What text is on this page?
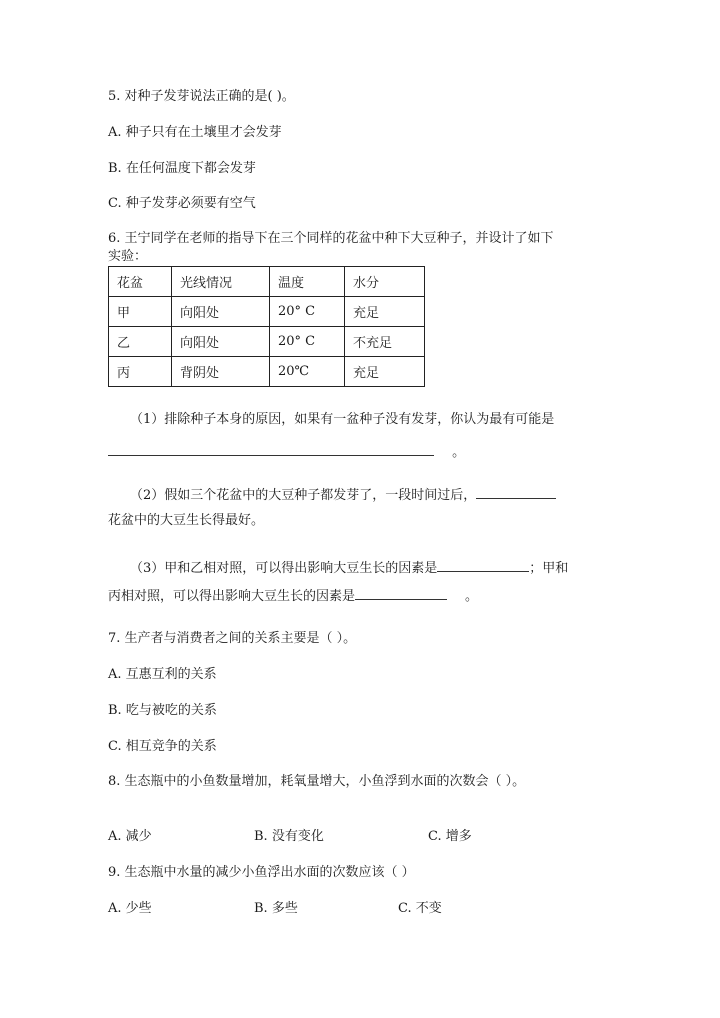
5. 对种子发芽说法正确的是( )。
A. 种子只有在土壤里才会发芽
B. 在任何温度下都会发芽
C. 种子发芽必须要有空气
6. 王宁同学在老师的指导下在三个同样的花盆中种下大豆种子，并设计了如下
实验：
花盆	光线情况	温度	水分
甲	向阳处	20° C	充足
乙	向阳处	20° C	不充足
丙	背阴处	20℃	充足
（1）排除种子本身的原因，如果有一盆种子没有发芽，你认为最有可能是
。
（2）假如三个花盆中的大豆种子都发芽了，一段时间过后，
花盆中的大豆生长得最好。
（3）甲和乙相对照，可以得出影响大豆生长的因素是	；甲和
丙相对照，可以得出影响大豆生长的因素是	。
7. 生产者与消费者之间的关系主要是（ ）。
A. 互惠互利的关系
B. 吃与被吃的关系
C. 相互竞争的关系
8. 生态瓶中的小鱼数量增加，耗氧量增大，小鱼浮到水面的次数会（ ）。
A. 减少	B. 没有变化	C. 增多
9. 生态瓶中水量的减少小鱼浮出水面的次数应该（ ）
A. 少些	B. 多些	C. 不变
